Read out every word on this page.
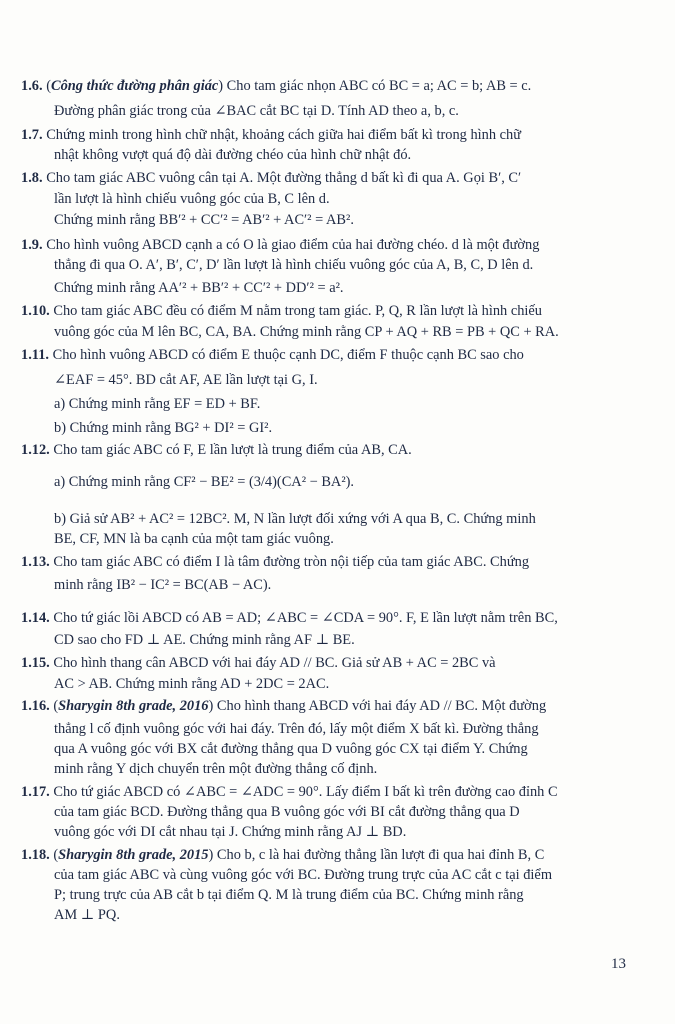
1.6. (Công thức đường phân giác) Cho tam giác nhọn ABC có BC = a; AC = b; AB = c.
Đường phân giác trong của ∠BAC cắt BC tại D. Tính AD theo a, b, c.
1.7. Chứng minh trong hình chữ nhật, khoảng cách giữa hai điểm bất kì trong hình chữ
nhật không vượt quá độ dài đường chéo của hình chữ nhật đó.
1.8. Cho tam giác ABC vuông cân tại A. Một đường thẳng d bất kì đi qua A. Gọi B′, C′
lần lượt là hình chiếu vuông góc của B, C lên d.
Chứng minh rằng BB′² + CC′² = AB′² + AC′² = AB².
1.9. Cho hình vuông ABCD cạnh a có O là giao điểm của hai đường chéo. d là một đường
thẳng đi qua O. A′, B′, C′, D′ lần lượt là hình chiếu vuông góc của A, B, C, D lên d.
Chứng minh rằng AA′² + BB′² + CC′² + DD′² = a².
1.10. Cho tam giác ABC đều có điểm M nằm trong tam giác. P, Q, R lần lượt là hình chiếu
vuông góc của M lên BC, CA, BA. Chứng minh rằng CP + AQ + RB = PB + QC + RA.
1.11. Cho hình vuông ABCD có điểm E thuộc cạnh DC, điểm F thuộc cạnh BC sao cho
∠EAF = 45°. BD cắt AF, AE lần lượt tại G, I.
a) Chứng minh rằng EF = ED + BF.
b) Chứng minh rằng BG² + DI² = GI².
1.12. Cho tam giác ABC có F, E lần lượt là trung điểm của AB, CA.
a) Chứng minh rằng CF² − BE² = (3/4)(CA² − BA²).
b) Giả sử AB² + AC² = 12BC². M, N lần lượt đối xứng với A qua B, C. Chứng minh
BE, CF, MN là ba cạnh của một tam giác vuông.
1.13. Cho tam giác ABC có điểm I là tâm đường tròn nội tiếp của tam giác ABC. Chứng
minh rằng IB² − IC² = BC(AB − AC).
1.14. Cho tứ giác lồi ABCD có AB = AD; ∠ABC = ∠CDA = 90°. F, E lần lượt nằm trên BC,
CD sao cho FD ⊥ AE. Chứng minh rằng AF ⊥ BE.
1.15. Cho hình thang cân ABCD với hai đáy AD // BC. Giả sử AB + AC = 2BC và
AC > AB. Chứng minh rằng AD + 2DC = 2AC.
1.16. (Sharygin 8th grade, 2016) Cho hình thang ABCD với hai đáy AD // BC. Một đường
thẳng l cố định vuông góc với hai đáy. Trên đó, lấy một điểm X bất kì. Đường thẳng
qua A vuông góc với BX cắt đường thẳng qua D vuông góc CX tại điểm Y. Chứng
minh rằng Y dịch chuyển trên một đường thẳng cố định.
1.17. Cho tứ giác ABCD có ∠ABC = ∠ADC = 90°. Lấy điểm I bất kì trên đường cao đỉnh C
của tam giác BCD. Đường thẳng qua B vuông góc với BI cắt đường thẳng qua D
vuông góc với DI cắt nhau tại J. Chứng minh rằng AJ ⊥ BD.
1.18. (Sharygin 8th grade, 2015) Cho b, c là hai đường thẳng lần lượt đi qua hai đỉnh B, C
của tam giác ABC và cùng vuông góc với BC. Đường trung trực của AC cắt c tại điểm
P; trung trực của AB cắt b tại điểm Q. M là trung điểm của BC. Chứng minh rằng
AM ⊥ PQ.
13
